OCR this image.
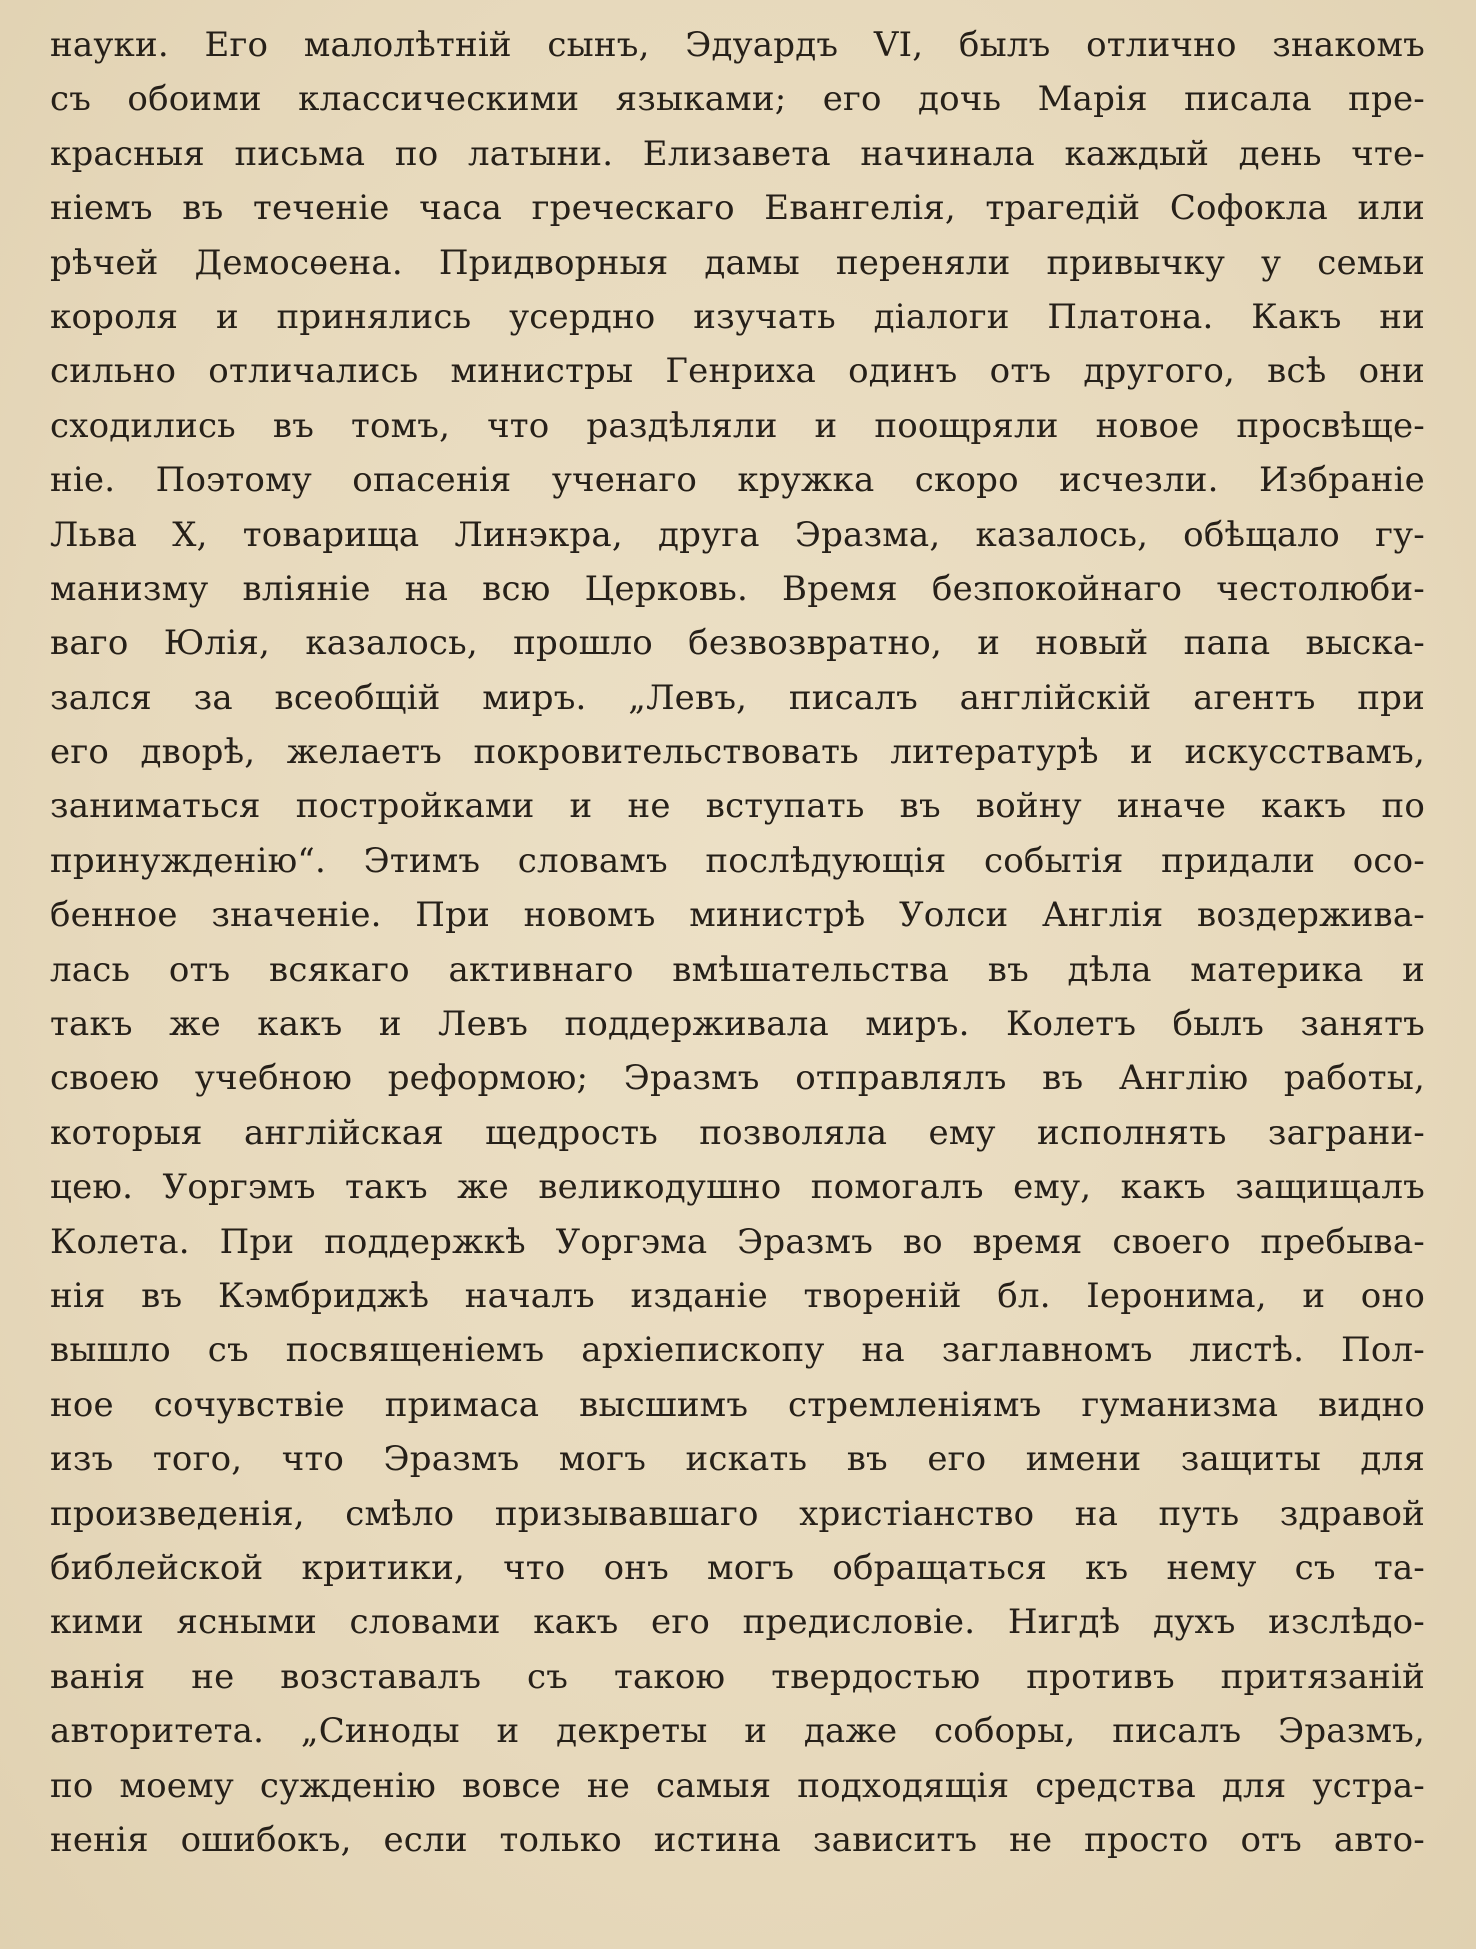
науки. Его малолѣтній сынъ, Эдуардъ VI, былъ отлично знакомъ
съ обоими классическими языками; его дочь Марія писала пре-
красныя письма по латыни. Елизавета начинала каждый день чте-
ніемъ въ теченіе часа греческаго Евангелія, трагедій Софокла или
рѣчей Демосѳена. Придворныя дамы переняли привычку у семьи
короля и принялись усердно изучать діалоги Платона. Какъ ни
сильно отличались министры Генриха одинъ отъ другого, всѣ они
сходились въ томъ, что раздѣляли и поощряли новое просвѣще-
ніе. Поэтому опасенія ученаго кружка скоро исчезли. Избраніе
Льва X, товарища Линэкра, друга Эразма, казалось, обѣщало гу-
манизму вліяніе на всю Церковь. Время безпокойнаго честолюби-
ваго Юлія, казалось, прошло безвозвратно, и новый папа выска-
зался за всеобщій миръ. „Левъ, писалъ англійскій агентъ при
его дворѣ, желаетъ покровительствовать литературѣ и искусствамъ,
заниматься постройками и не вступать въ войну иначе какъ по
принужденію“. Этимъ словамъ послѣдующія событія придали осо-
бенное значеніе. При новомъ министрѣ Уолси Англія воздержива-
лась отъ всякаго активнаго вмѣшательства въ дѣла материка и
такъ же какъ и Левъ поддерживала миръ. Колетъ былъ занятъ
своею учебною реформою; Эразмъ отправлялъ въ Англію работы,
которыя англійская щедрость позволяла ему исполнять заграни-
цею. Уоргэмъ такъ же великодушно помогалъ ему, какъ защищалъ
Колета. При поддержкѣ Уоргэма Эразмъ во время своего пребыва-
нія въ Кэмбриджѣ началъ изданіе твореній бл. Іеронима, и оно
вышло съ посвященіемъ архіепископу на заглавномъ листѣ. Пол-
ное сочувствіе примаса высшимъ стремленіямъ гуманизма видно
изъ того, что Эразмъ могъ искать въ его имени защиты для
произведенія, смѣло призывавшаго христіанство на путь здравой
библейской критики, что онъ могъ обращаться къ нему съ та-
кими ясными словами какъ его предисловіе. Нигдѣ духъ изслѣдо-
ванія не возставалъ съ такою твердостью противъ притязаній
авторитета. „Синоды и декреты и даже соборы, писалъ Эразмъ,
по моему сужденію вовсе не самыя подходящія средства для устра-
ненія ошибокъ, если только истина зависитъ не просто отъ авто-
